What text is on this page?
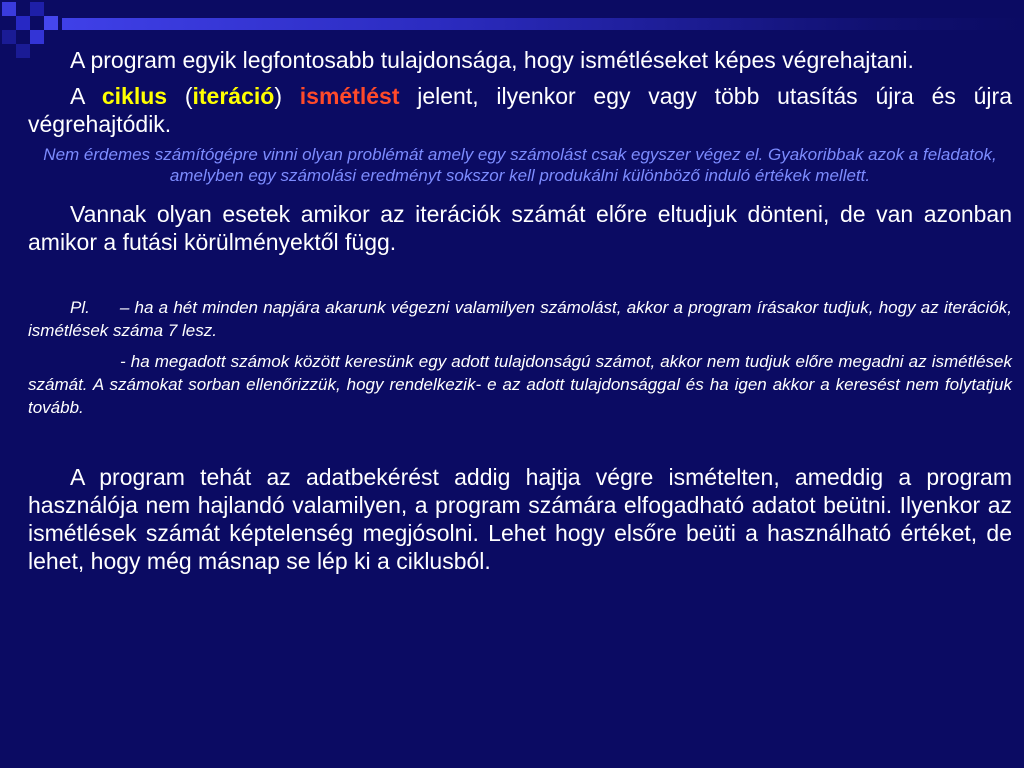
A program egyik legfontosabb tulajdonsága, hogy ismétléseket képes végrehajtani.

A ciklus (iteráció) ismétlést jelent, ilyenkor egy vagy több utasítás újra és újra végrehajtódik.

Nem érdemes számítógépre vinni olyan problémát amely egy számolást csak egyszer végez el. Gyakoribbak azok a feladatok, amelyben egy számolási eredményt sokszor kell produkálni különböző induló értékek mellett.

Vannak olyan esetek amikor az iterációk számát előre eltudjuk dönteni, de van azonban amikor a futási körülményektől függ.

Pl. – ha a hét minden napjára akarunk végezni valamilyen számolást, akkor a program írásakor tudjuk, hogy az iterációk, ismétlések száma 7 lesz.

- ha megadott számok között keresünk egy adott tulajdonságú számot, akkor nem tudjuk előre megadni az ismétlések számát. A számokat sorban ellenőrizzük, hogy rendelkezik- e az adott tulajdonsággal és ha igen akkor a keresést nem folytatjuk tovább.

A program tehát az adatbekérést addig hajtja végre ismételten, ameddig a program használója nem hajlandó valamilyen, a program számára elfogadható adatot beütni. Ilyenkor az ismétlések számát képtelenség megjósolni. Lehet hogy elsőre beüti a használható értéket, de lehet, hogy még másnap se lép ki a ciklusból.
